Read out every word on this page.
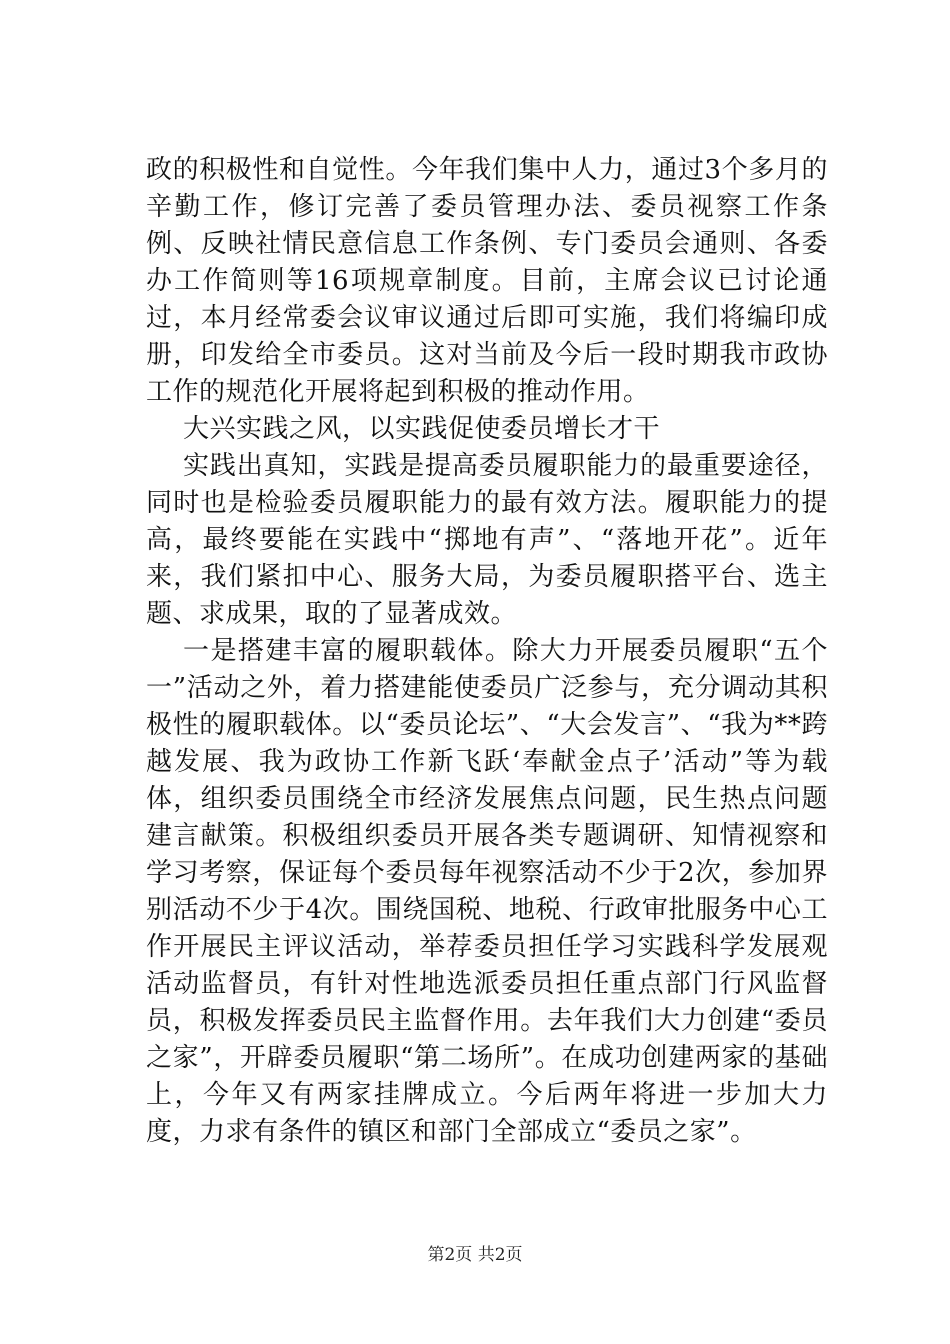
政的积极性和自觉性。今年我们集中人力，通过3个多月的辛勤工作，修订完善了委员管理办法、委员视察工作条例、反映社情民意信息工作条例、专门委员会通则、各委办工作简则等16项规章制度。目前，主席会议已讨论通过，本月经常委会议审议通过后即可实施，我们将编印成册，印发给全市委员。这对当前及今后一段时期我市政协工作的规范化开展将起到积极的推动作用。

大兴实践之风，以实践促使委员增长才干

实践出真知，实践是提高委员履职能力的最重要途径，同时也是检验委员履职能力的最有效方法。履职能力的提高，最终要能在实践中“掷地有声”、“落地开花”。近年来，我们紧扣中心、服务大局，为委员履职搭平台、选主题、求成果，取的了显著成效。

一是搭建丰富的履职载体。除大力开展委员履职“五个一”活动之外，着力搭建能使委员广泛参与，充分调动其积极性的履职载体。以“委员论坛”、“大会发言”、“我为**跨越发展、我为政协工作新飞跃‘奉献金点子’活动”等为载体，组织委员围绕全市经济发展焦点问题，民生热点问题建言献策。积极组织委员开展各类专题调研、知情视察和学习考察，保证每个委员每年视察活动不少于2次，参加界别活动不少于4次。围绕国税、地税、行政审批服务中心工作开展民主评议活动，举荐委员担任学习实践科学发展观活动监督员，有针对性地选派委员担任重点部门行风监督员，积极发挥委员民主监督作用。去年我们大力创建“委员之家”，开辟委员履职“第二场所”。在成功创建两家的基础上，今年又有两家挂牌成立。今后两年将进一步加大力度，力求有条件的镇区和部门全部成立“委员之家”。

第2页 共2页
